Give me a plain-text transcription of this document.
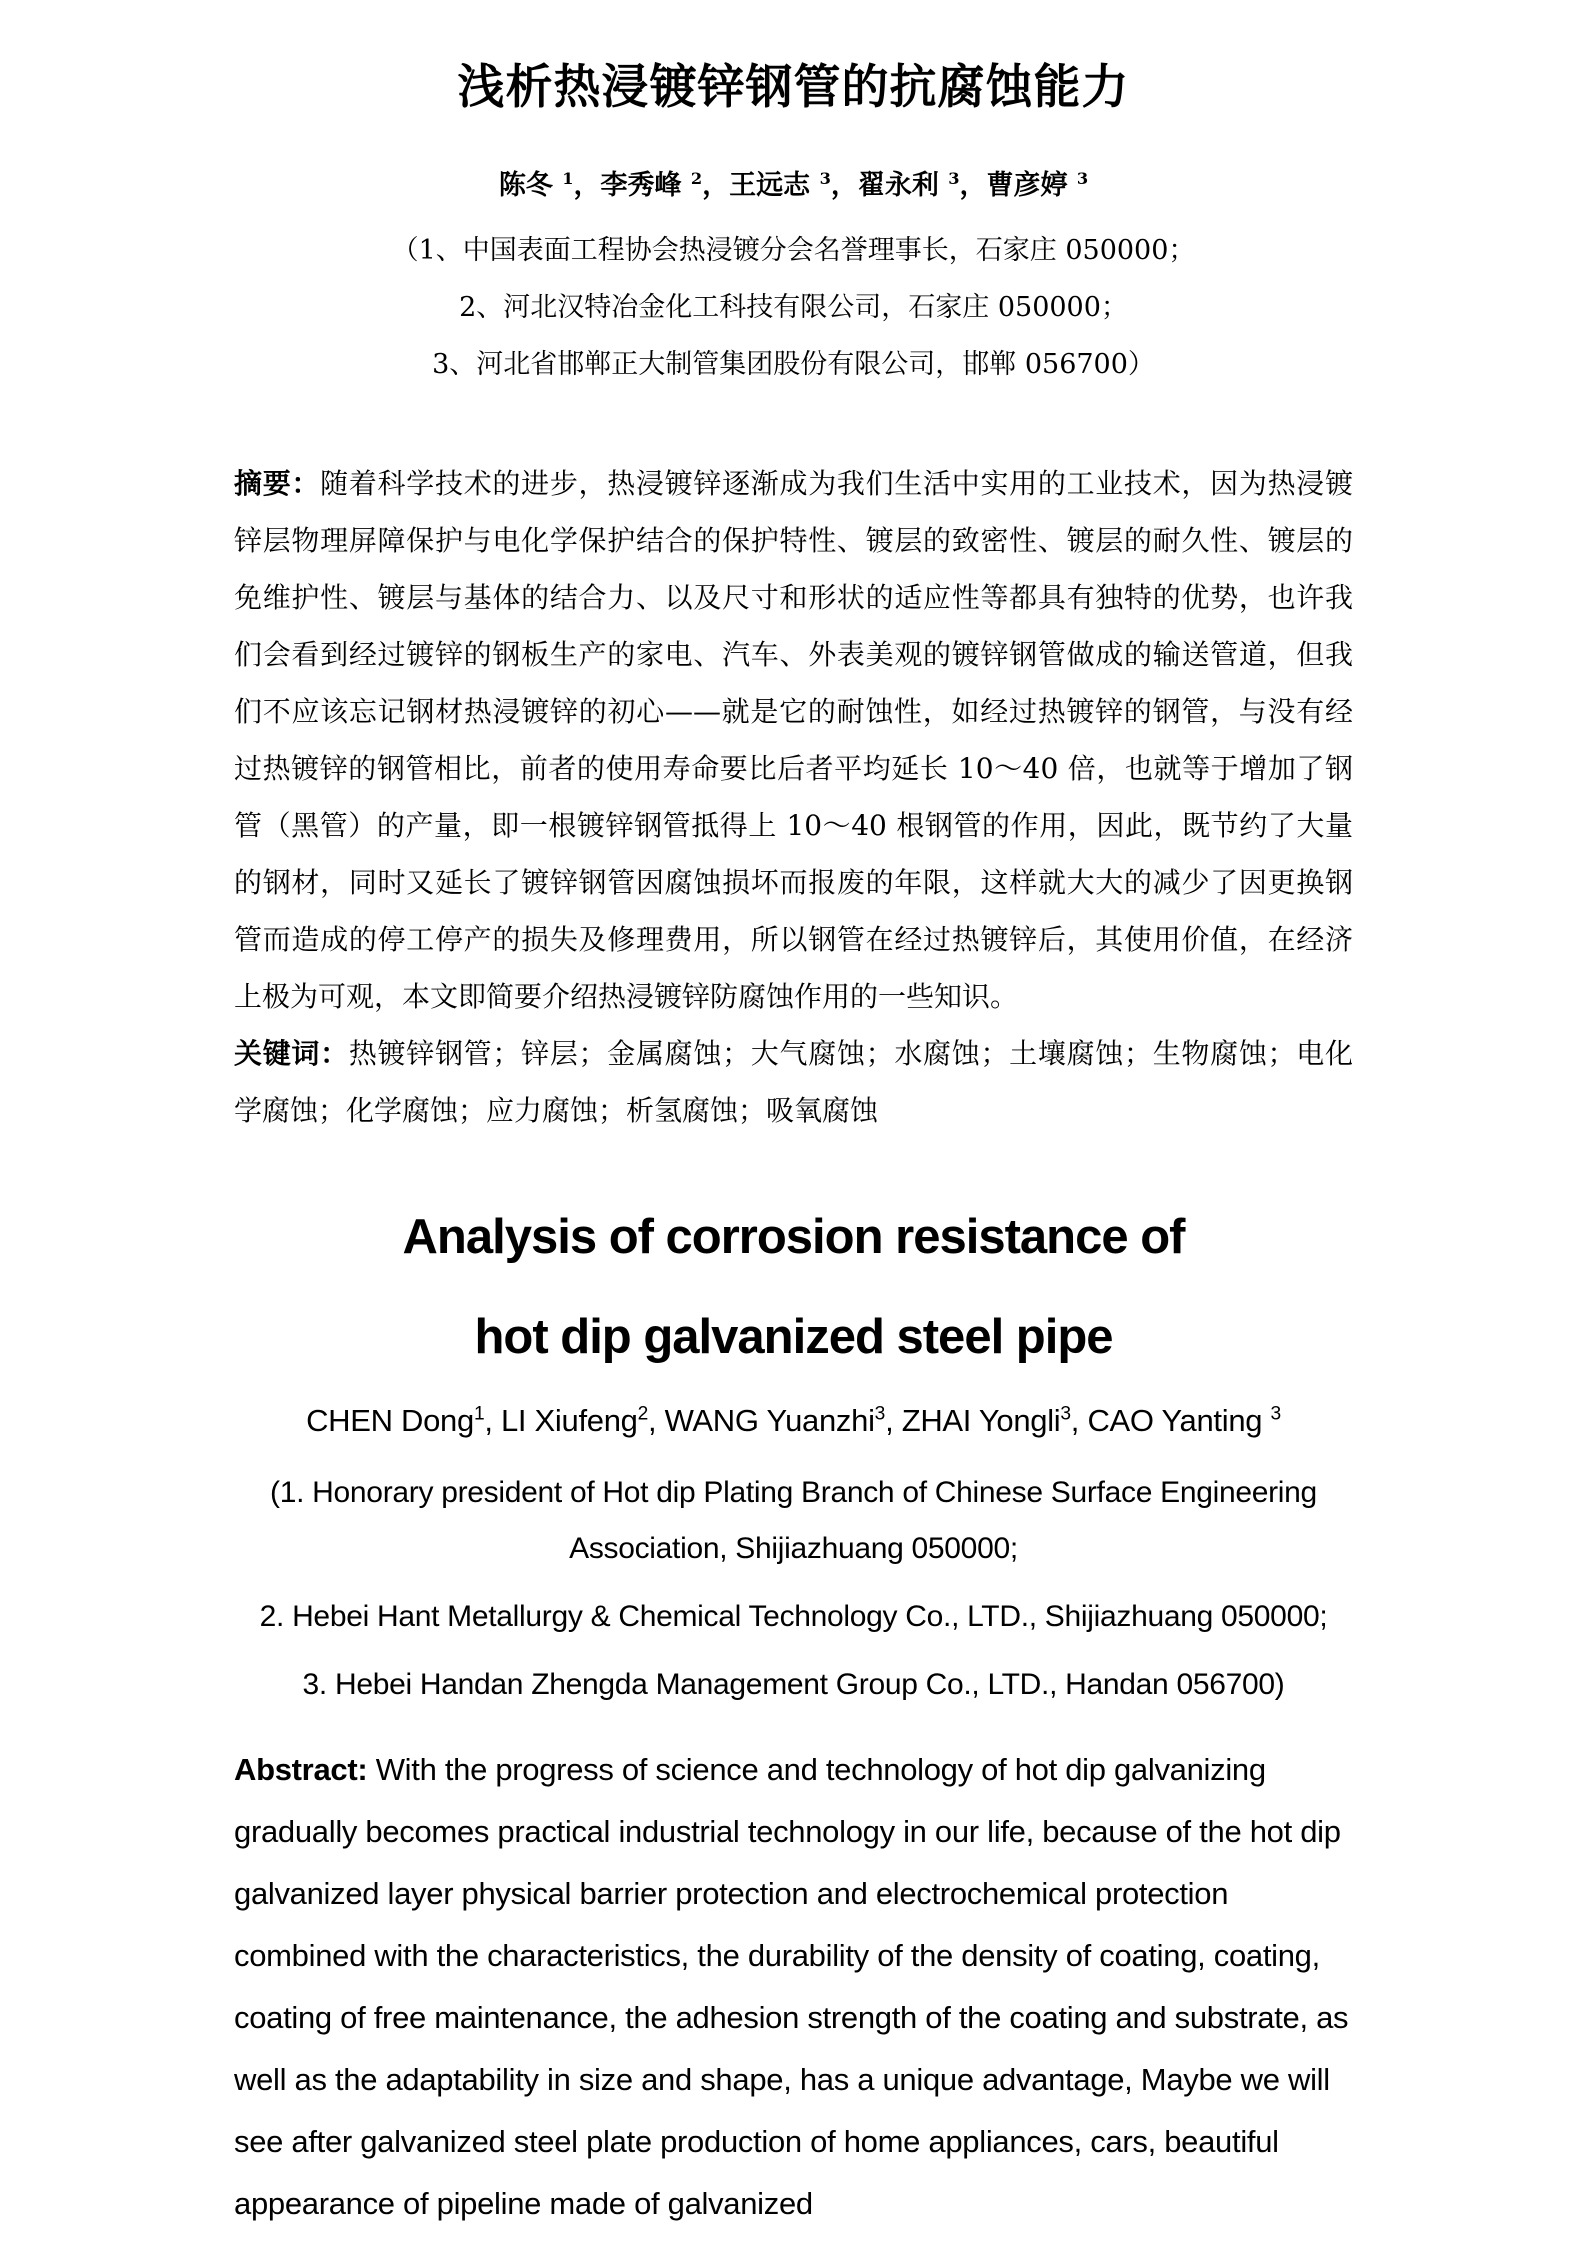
浅析热浸镀锌钢管的抗腐蚀能力

陈冬 $^1$，李秀峰 $^2$，王远志 $^3$，翟永利 $^3$，曹彦婷 $^3$

（1、中国表面工程协会热浸镀分会名誉理事长，石家庄 050000；

2、河北汉特冶金化工科技有限公司，石家庄 050000；

3、河北省邯郸正大制管集团股份有限公司，邯郸 056700）

摘要：随着科学技术的进步，热浸镀锌逐渐成为我们生活中实用的工业技术，因为热浸镀锌层物理屏障保护与电化学保护结合的保护特性、镀层的致密性、镀层的耐久性、镀层的免维护性、镀层与基体的结合力、以及尺寸和形状的适应性等都具有独特的优势，也许我们会看到经过镀锌的钢板生产的家电、汽车、外表美观的镀锌钢管做成的输送管道，但我们不应该忘记钢材热浸镀锌的初心——就是它的耐蚀性，如经过热镀锌的钢管，与没有经过热镀锌的钢管相比，前者的使用寿命要比后者平均延长 10～40 倍，也就等于增加了钢管（黑管）的产量，即一根镀锌钢管抵得上 10～40 根钢管的作用，因此，既节约了大量的钢材，同时又延长了镀锌钢管因腐蚀损坏而报废的年限，这样就大大的减少了因更换钢管而造成的停工停产的损失及修理费用，所以钢管在经过热镀锌后，其使用价值，在经济上极为可观，本文即简要介绍热浸镀锌防腐蚀作用的一些知识。

关键词：热镀锌钢管；锌层；金属腐蚀；大气腐蚀；水腐蚀；土壤腐蚀；生物腐蚀；电化学腐蚀；化学腐蚀；应力腐蚀；析氢腐蚀；吸氧腐蚀

Analysis of corrosion resistance of
hot dip galvanized steel pipe

CHEN Dong$^1$, LI Xiufeng$^2$, WANG Yuanzhi$^3$, ZHAI Yongli$^3$, CAO Yanting $^3$

(1. Honorary president of Hot dip Plating Branch of Chinese Surface Engineering Association, Shijiazhuang 050000;

2. Hebei Hant Metallurgy & Chemical Technology Co., LTD., Shijiazhuang 050000;

3. Hebei Handan Zhengda Management Group Co., LTD., Handan 056700)

Abstract: With the progress of science and technology of hot dip galvanizing gradually becomes practical industrial technology in our life, because of the hot dip galvanized layer physical barrier protection and electrochemical protection combined with the characteristics, the durability of the density of coating, coating, coating of free maintenance, the adhesion strength of the coating and substrate, as well as the adaptability in size and shape, has a unique advantage, Maybe we will see after galvanized steel plate production of home appliances, cars, beautiful appearance of pipeline made of galvanized
